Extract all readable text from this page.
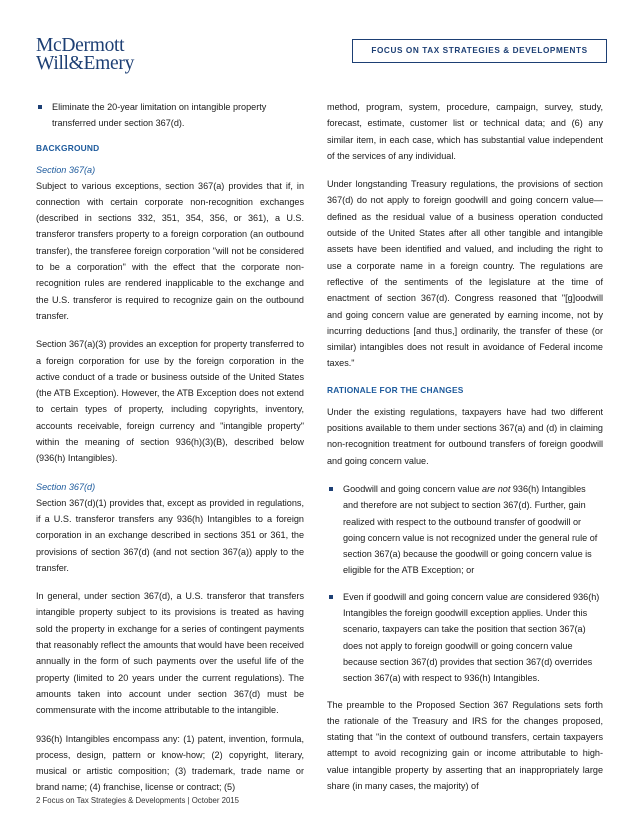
McDermott
Will&Emery
FOCUS ON TAX STRATEGIES & DEVELOPMENTS

Eliminate the 20-year limitation on intangible property transferred under section 367(d).

BACKGROUND
Section 367(a)

Subject to various exceptions, section 367(a) provides that if, in connection with certain corporate non-recognition exchanges (described in sections 332, 351, 354, 356, or 361), a U.S. transferor transfers property to a foreign corporation (an outbound transfer), the transferee foreign corporation "will not be considered to be a corporation" with the effect that the corporate non-recognition rules are rendered inapplicable to the exchange and the U.S. transferor is required to recognize gain on the outbound transfer.

Section 367(a)(3) provides an exception for property transferred to a foreign corporation for use by the foreign corporation in the active conduct of a trade or business outside of the United States (the ATB Exception). However, the ATB Exception does not extend to certain types of property, including copyrights, inventory, accounts receivable, foreign currency and "intangible property" within the meaning of section 936(h)(3)(B), described below (936(h) Intangibles).

Section 367(d)

Section 367(d)(1) provides that, except as provided in regulations, if a U.S. transferor transfers any 936(h) Intangibles to a foreign corporation in an exchange described in sections 351 or 361, the provisions of section 367(d) (and not section 367(a)) apply to the transfer.

In general, under section 367(d), a U.S. transferor that transfers intangible property subject to its provisions is treated as having sold the property in exchange for a series of contingent payments that reasonably reflect the amounts that would have been received annually in the form of such payments over the useful life of the property (limited to 20 years under the current regulations). The amounts taken into account under section 367(d) must be commensurate with the income attributable to the intangible.

936(h) Intangibles encompass any: (1) patent, invention, formula, process, design, pattern or know-how; (2) copyright, literary, musical or artistic composition; (3) trademark, trade name or brand name; (4) franchise, license or contract; (5)

method, program, system, procedure, campaign, survey, study, forecast, estimate, customer list or technical data; and (6) any similar item, in each case, which has substantial value independent of the services of any individual.

Under longstanding Treasury regulations, the provisions of section 367(d) do not apply to foreign goodwill and going concern value—defined as the residual value of a business operation conducted outside of the United States after all other tangible and intangible assets have been identified and valued, and including the right to use a corporate name in a foreign country. The regulations are reflective of the sentiments of the legislature at the time of enactment of section 367(d). Congress reasoned that "[g]oodwill and going concern value are generated by earning income, not by incurring deductions [and thus,] ordinarily, the transfer of these (or similar) intangibles does not result in avoidance of Federal income taxes."

RATIONALE FOR THE CHANGES

Under the existing regulations, taxpayers have had two different positions available to them under sections 367(a) and (d) in claiming non-recognition treatment for outbound transfers of foreign goodwill and going concern value.

Goodwill and going concern value are not 936(h) Intangibles and therefore are not subject to section 367(d). Further, gain realized with respect to the outbound transfer of goodwill or going concern value is not recognized under the general rule of section 367(a) because the goodwill or going concern value is eligible for the ATB Exception; or

Even if goodwill and going concern value are considered 936(h) Intangibles the foreign goodwill exception applies. Under this scenario, taxpayers can take the position that section 367(a) does not apply to foreign goodwill or going concern value because section 367(d) provides that section 367(d) overrides section 367(a) with respect to 936(h) Intangibles.

The preamble to the Proposed Section 367 Regulations sets forth the rationale of the Treasury and IRS for the changes proposed, stating that "in the context of outbound transfers, certain taxpayers attempt to avoid recognizing gain or income attributable to high-value intangible property by asserting that an inappropriately large share (in many cases, the majority) of

2 Focus on Tax Strategies & Developments | October 2015
